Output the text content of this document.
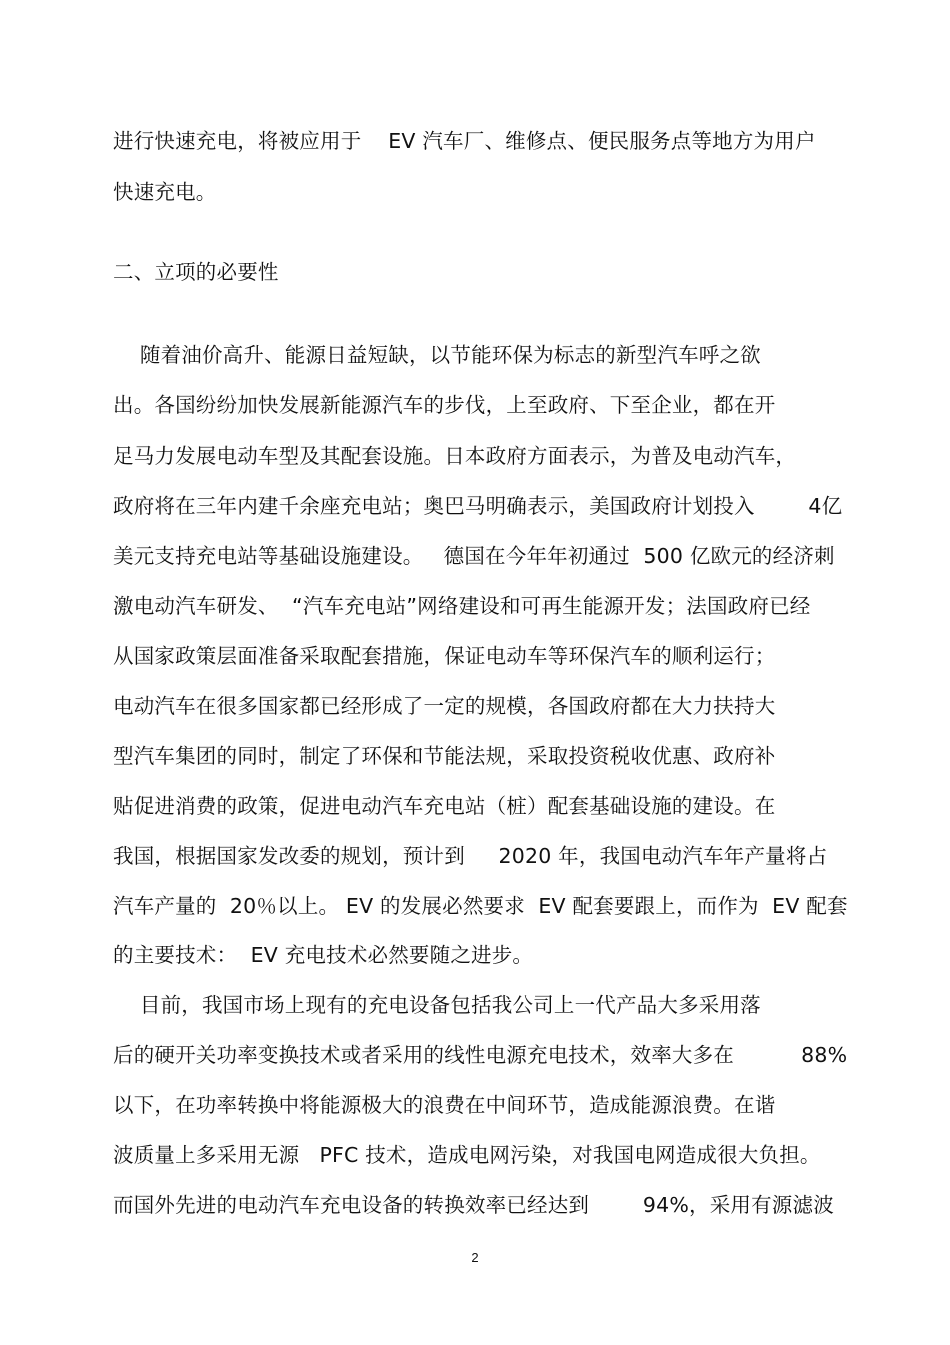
进行快速充电，将被应用于    EV 汽车厂、维修点、便民服务点等地方为用户
快速充电。
二、立项的必要性
随着油价高升、能源日益短缺，以节能环保为标志的新型汽车呼之欲
出。各国纷纷加快发展新能源汽车的步伐，上至政府、下至企业，都在开
足马力发展电动车型及其配套设施。日本政府方面表示，为普及电动汽车，
政府将在三年内建千余座充电站；奥巴马明确表示，美国政府计划投入        4亿
美元支持充电站等基础设施建设。   德国在今年年初通过  500 亿欧元的经济刺
激电动汽车研发、  “汽车充电站”网络建设和可再生能源开发；法国政府已经
从国家政策层面准备采取配套措施，保证电动车等环保汽车的顺利运行；
电动汽车在很多国家都已经形成了一定的规模，各国政府都在大力扶持大
型汽车集团的同时，制定了环保和节能法规，采取投资税收优惠、政府补
贴促进消费的政策，促进电动汽车充电站（桩）配套基础设施的建设。在
我国，根据国家发改委的规划，预计到     2020 年，我国电动汽车年产量将占
汽车产量的  20％以上。 EV 的发展必然要求  EV 配套要跟上，而作为  EV 配套
的主要技术：  EV 充电技术必然要随之进步。
目前，我国市场上现有的充电设备包括我公司上一代产品大多采用落
后的硬开关功率变换技术或者采用的线性电源充电技术，效率大多在          88%
以下，在功率转换中将能源极大的浪费在中间环节，造成能源浪费。在谐
波质量上多采用无源   PFC 技术，造成电网污染，对我国电网造成很大负担。
而国外先进的电动汽车充电设备的转换效率已经达到        94%，采用有源滤波
2
